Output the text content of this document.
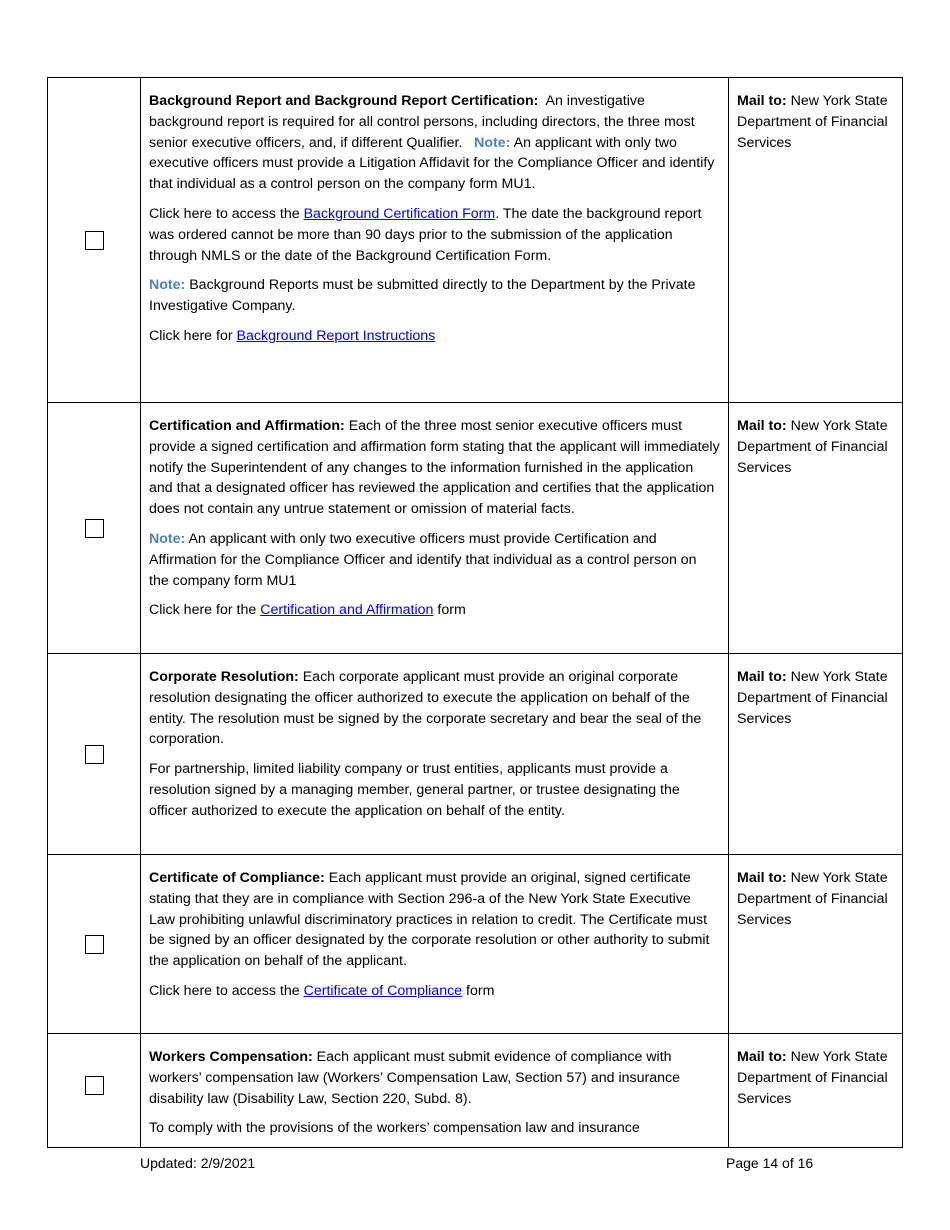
	Background Report and Background Report Certification: An investigative background report is required for all control persons, including directors, the three most senior executive officers, and, if different Qualifier. Note: An applicant with only two executive officers must provide a Litigation Affidavit for the Compliance Officer and identify that individual as a control person on the company form MU1.

Click here to access the Background Certification Form. The date the background report was ordered cannot be more than 90 days prior to the submission of the application through NMLS or the date of the Background Certification Form.

Note: Background Reports must be submitted directly to the Department by the Private Investigative Company.

Click here for Background Report Instructions	Mail to: New York State Department of Financial Services

	Certification and Affirmation: Each of the three most senior executive officers must provide a signed certification and affirmation form stating that the applicant will immediately notify the Superintendent of any changes to the information furnished in the application and that a designated officer has reviewed the application and certifies that the application does not contain any untrue statement or omission of material facts.

Note: An applicant with only two executive officers must provide Certification and Affirmation for the Compliance Officer and identify that individual as a control person on the company form MU1

Click here for the Certification and Affirmation form	Mail to: New York State Department of Financial Services

	Corporate Resolution: Each corporate applicant must provide an original corporate resolution designating the officer authorized to execute the application on behalf of the entity. The resolution must be signed by the corporate secretary and bear the seal of the corporation.

For partnership, limited liability company or trust entities, applicants must provide a resolution signed by a managing member, general partner, or trustee designating the officer authorized to execute the application on behalf of the entity.	Mail to: New York State Department of Financial Services

	Certificate of Compliance: Each applicant must provide an original, signed certificate stating that they are in compliance with Section 296-a of the New York State Executive Law prohibiting unlawful discriminatory practices in relation to credit. The Certificate must be signed by an officer designated by the corporate resolution or other authority to submit the application on behalf of the applicant.

Click here to access the Certificate of Compliance form	Mail to: New York State Department of Financial Services

	Workers Compensation: Each applicant must submit evidence of compliance with workers’ compensation law (Workers’ Compensation Law, Section 57) and insurance disability law (Disability Law, Section 220, Subd. 8).

To comply with the provisions of the workers’ compensation law and insurance	Mail to: New York State Department of Financial Services
Updated: 2/9/2021	Page 14 of 16
